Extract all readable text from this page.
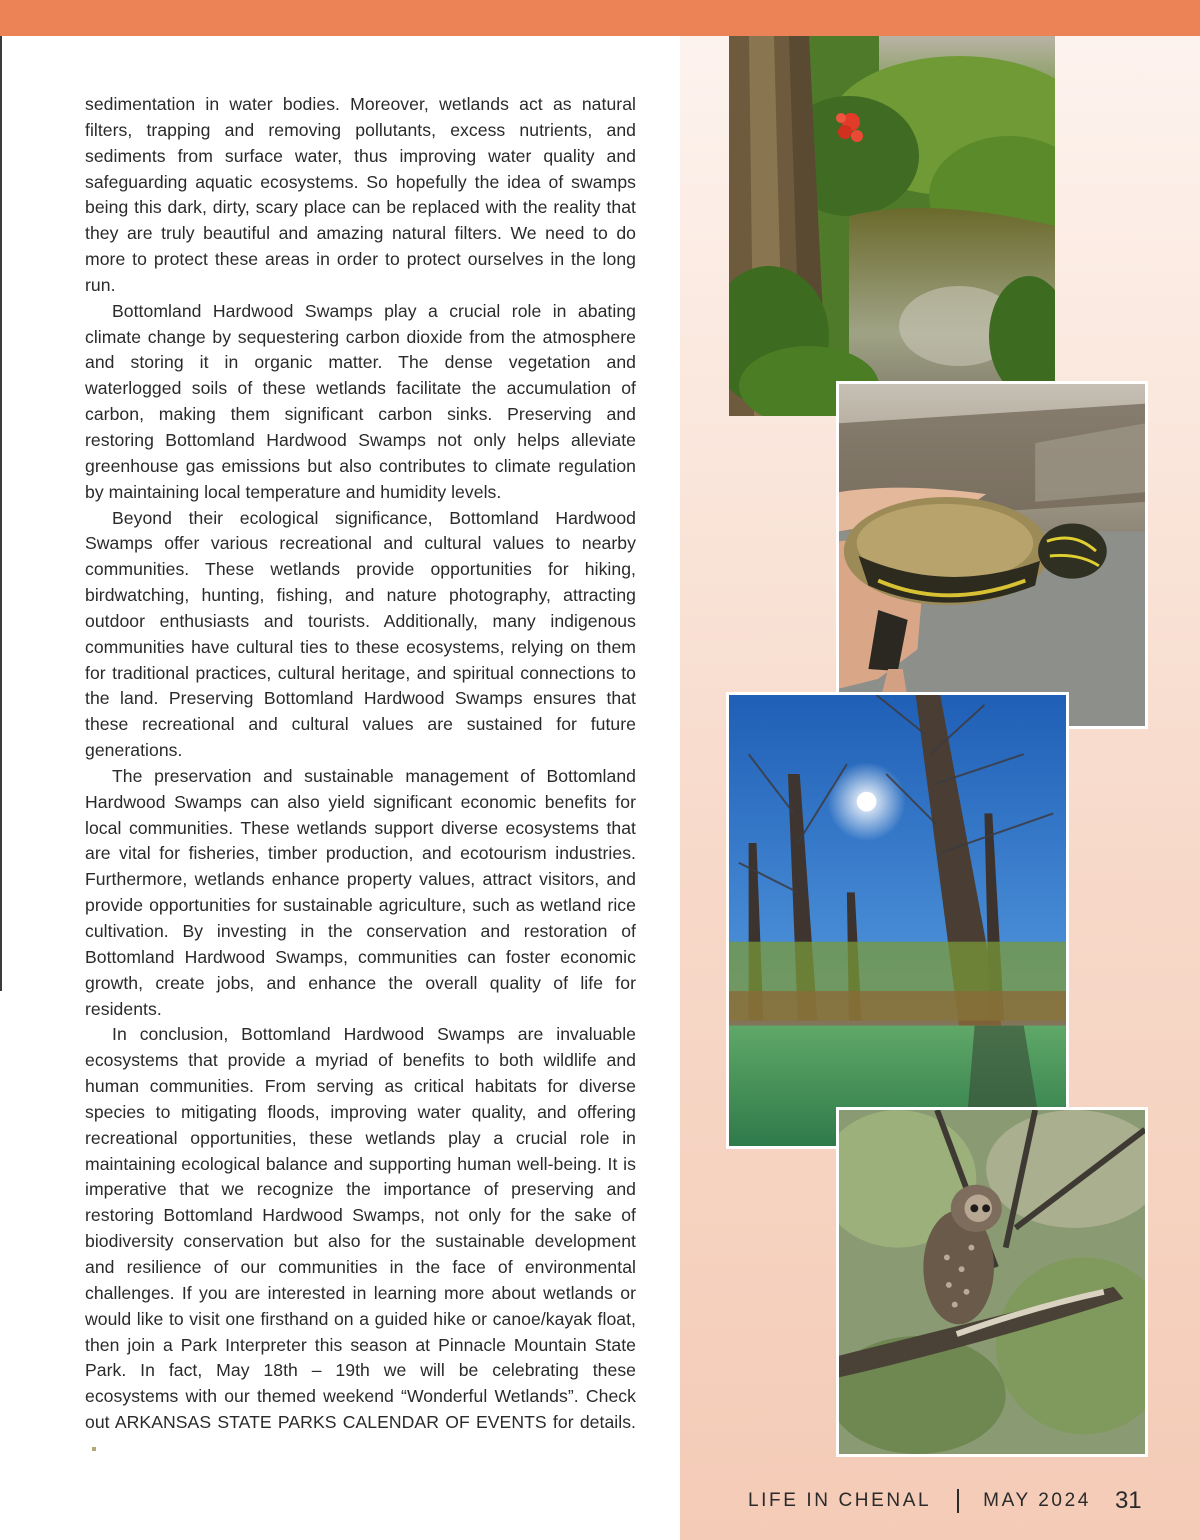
sedimentation in water bodies. Moreover, wetlands act as natural filters, trapping and removing pollutants, excess nutrients, and sediments from surface water, thus improving water quality and safeguarding aquatic ecosystems. So hopefully the idea of swamps being this dark, dirty, scary place can be replaced with the reality that they are truly beautiful and amazing natural filters. We need to do more to protect these areas in order to protect ourselves in the long run.

Bottomland Hardwood Swamps play a crucial role in abating climate change by sequestering carbon dioxide from the atmosphere and storing it in organic matter. The dense vegetation and waterlogged soils of these wetlands facilitate the accumulation of carbon, making them significant carbon sinks. Preserving and restoring Bottomland Hardwood Swamps not only helps alleviate greenhouse gas emissions but also contributes to climate regulation by maintaining local temperature and humidity levels.

Beyond their ecological significance, Bottomland Hardwood Swamps offer various recreational and cultural values to nearby communities. These wetlands provide opportunities for hiking, birdwatching, hunting, fishing, and nature photography, attracting outdoor enthusiasts and tourists. Additionally, many indigenous communities have cultural ties to these ecosystems, relying on them for traditional practices, cultural heritage, and spiritual connections to the land. Preserving Bottomland Hardwood Swamps ensures that these recreational and cultural values are sustained for future generations.

The preservation and sustainable management of Bottomland Hardwood Swamps can also yield significant economic benefits for local communities. These wetlands support diverse ecosystems that are vital for fisheries, timber production, and ecotourism industries. Furthermore, wetlands enhance property values, attract visitors, and provide opportunities for sustainable agriculture, such as wetland rice cultivation. By investing in the conservation and restoration of Bottomland Hardwood Swamps, communities can foster economic growth, create jobs, and enhance the overall quality of life for residents.

In conclusion, Bottomland Hardwood Swamps are invaluable ecosystems that provide a myriad of benefits to both wildlife and human communities. From serving as critical habitats for diverse species to mitigating floods, improving water quality, and offering recreational opportunities, these wetlands play a crucial role in maintaining ecological balance and supporting human well-being. It is imperative that we recognize the importance of preserving and restoring Bottomland Hardwood Swamps, not only for the sake of biodiversity conservation but also for the sustainable development and resilience of our communities in the face of environmental challenges. If you are interested in learning more about wetlands or would like to visit one firsthand on a guided hike or canoe/kayak float, then join a Park Interpreter this season at Pinnacle Mountain State Park. In fact, May 18th – 19th we will be celebrating these ecosystems with our themed weekend “Wonderful Wetlands”. Check out ARKANSAS STATE PARKS CALENDAR OF EVENTS for details.

LIFE IN CHENAL	MAY 2024 31
